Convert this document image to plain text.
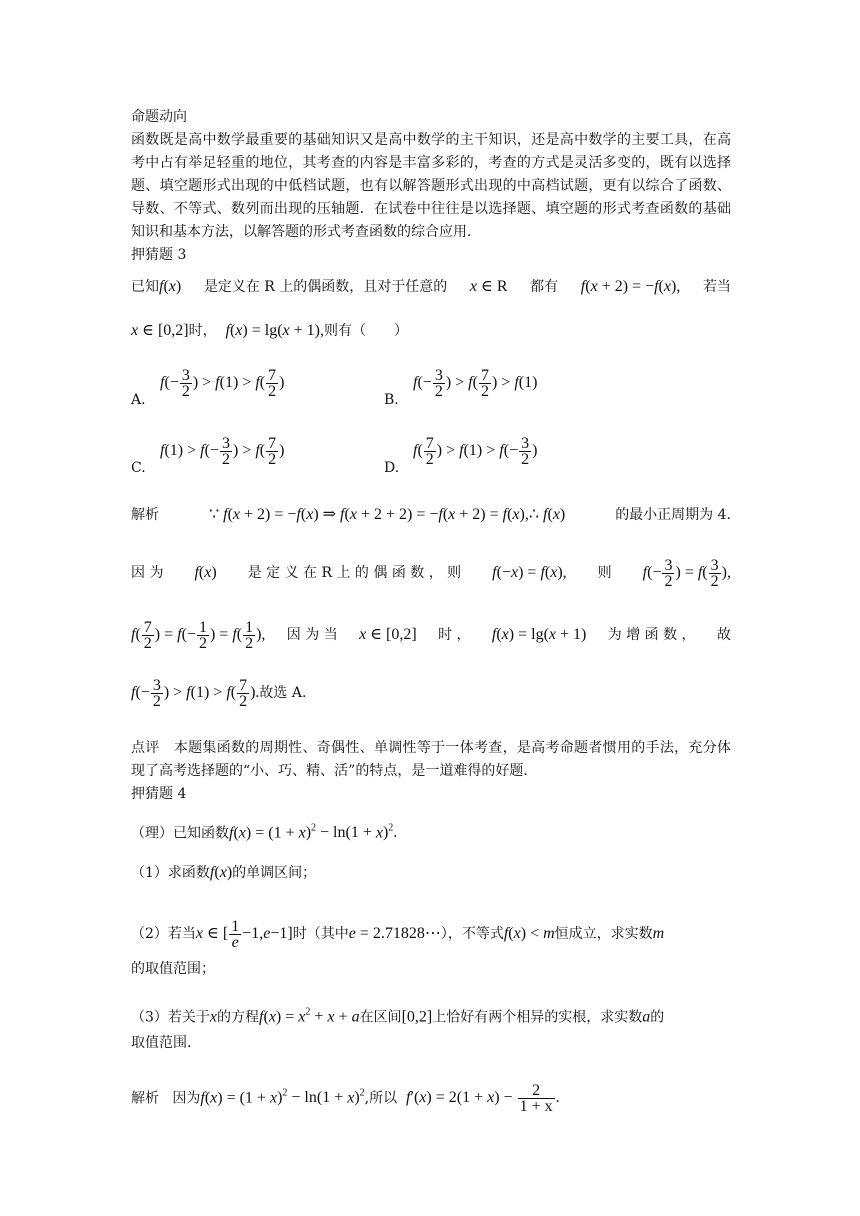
命题动向
函数既是高中数学最重要的基础知识又是高中数学的主干知识，还是高中数学的主要工具，在高考中占有举足轻重的地位，其考查的内容是丰富多彩的，考查的方式是灵活多变的，既有以选择题、填空题形式出现的中低档试题，也有以解答题形式出现的中高档试题，更有以综合了函数、导数、不等式、数列而出现的压轴题．在试卷中往往是以选择题、填空题的形式考查函数的基础知识和基本方法，以解答题的形式考查函数的综合应用．
押猜题 3
已知f(x) 是定义在 R 上的偶函数，且对于任意的 x ∈ R 都有 f(x + 2) = −f(x), 若当
x ∈ [0,2]时， f(x) = lg(x + 1),则有（　　）
A.
$f(- \frac{3}{2}$ ) > $f(1) > f( \frac{7}{2}$ )
B.
$f(- \frac{3}{2}$ ) > $f( \frac{7}{2}$ ) > f(1)
C.
$f(1) > f(- \frac{3}{2}$ ) > $f( \frac{7}{2}$ )
D.
$f( \frac{7}{2}$ ) > $f(1) > f(- \frac{3}{2}$ )
解析	∵ f(x + 2) = −f(x) ⇒ f(x + 2 + 2) = −f(x + 2) = f(x),∴ f(x)	的最小正周期为 4.
因 为 f(x) 是 定 义 在 R 上 的 偶 函 数 ， 则 f(−x) = f(x), 则 $f(- \frac{3}{2}$ ) = $f( \frac{3}{2}$ ),
$f( \frac{7}{2}$ ) = $f(- \frac{1}{2}$ ) = $f( \frac{1}{2}$ ), 因 为 当 x ∈ [0,2] 时 ， f(x) = lg(x + 1) 为 增 函 数 ， 故
$f(- \frac{3}{2}$ ) > $f(1) > f( \frac{7}{2}$ ).故选 A.
点评 本题集函数的周期性、奇偶性、单调性等于一体考查，是高考命题者惯用的手法，充分体现了高考选择题的“小、巧、精、活”的特点，是一道难得的好题.
押猜题 4
（理）已知函数$f(x) = (1 + x)^2 - \ln(1 + x)^2$.
（1）求函数f(x)的单调区间；
（2）若当x ∈ [ $\frac{1}{e} -1,e-1$]时（其中e = 2.71828⋯），不等式f(x) < m恒成立，求实数m
的取值范围；
（3）若关于x的方程$f(x) = x^2 + x + a$在区间[0,2]上恰好有两个相异的实根，求实数a的
取值范围.
解析 因为$f(x) = (1 + x)^2 - \ln(1 + x)^2$,所以 $f'(x) = 2(1 + x) - \frac{2}{1 + x}$ .
